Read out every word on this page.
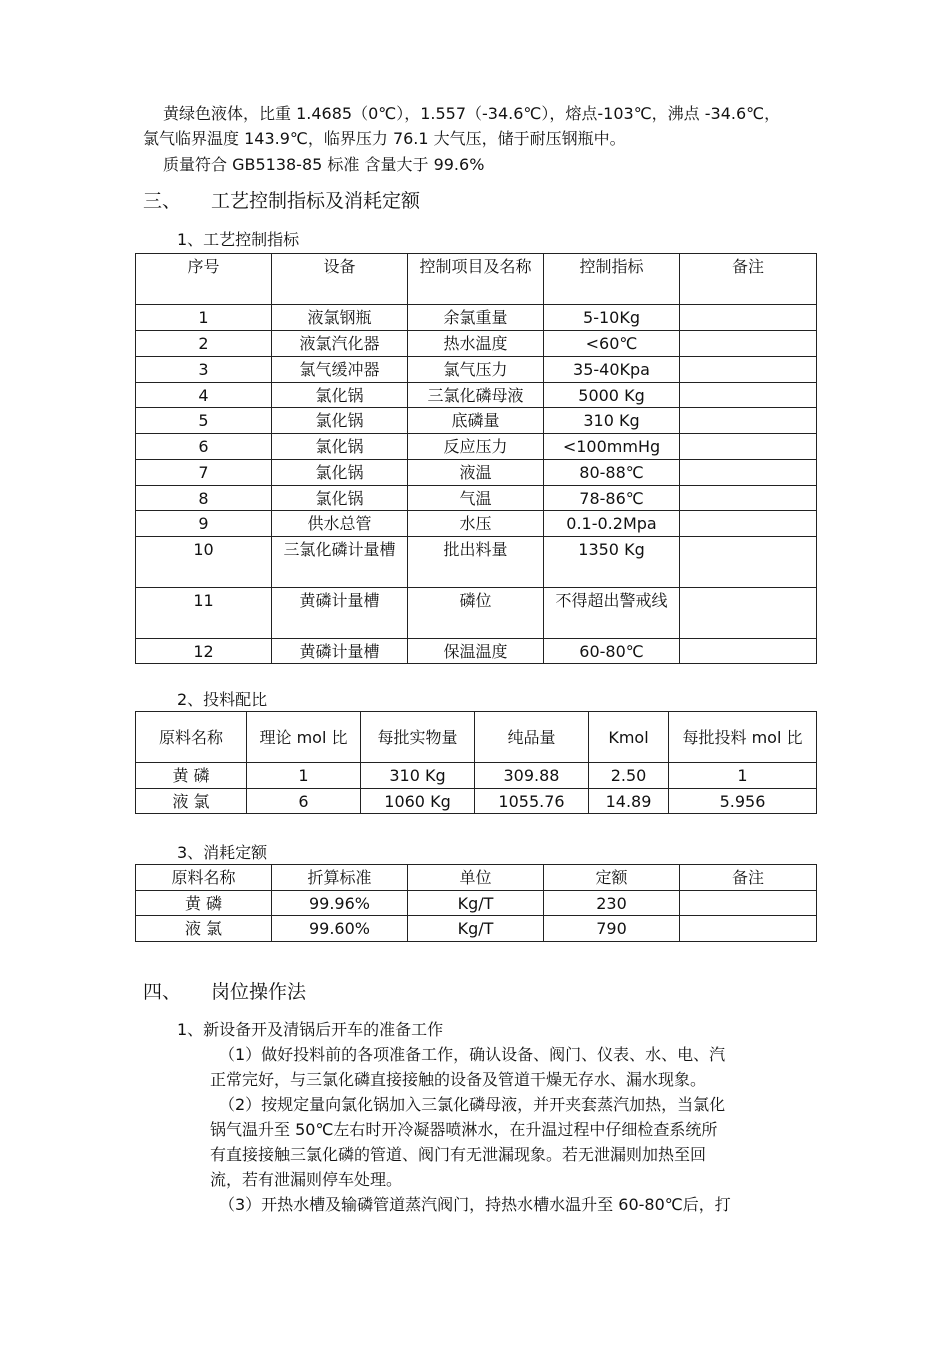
黄绿色液体，比重 1.4685（0℃），1.557（-34.6℃），熔点-103℃，沸点 -34.6℃，
氯气临界温度 143.9℃，临界压力 76.1 大气压，储于耐压钢瓶中。
质量符合 GB5138-85 标准 含量大于 99.6%
三、 工艺控制指标及消耗定额
1、工艺控制指标
序号	设备	控制项目及名称	控制指标	备注
1	液氯钢瓶	余氯重量	5-10Kg	
2	液氯汽化器	热水温度	<60℃	
3	氯气缓冲器	氯气压力	35-40Kpa	
4	氯化锅	三氯化磷母液	5000 Kg	
5	氯化锅	底磷量	310 Kg	
6	氯化锅	反应压力	<100mmHg	
7	氯化锅	液温	80-88℃	
8	氯化锅	气温	78-86℃	
9	供水总管	水压	0.1-0.2Mpa	
10	三氯化磷计量槽	批出料量	1350 Kg	
11	黄磷计量槽	磷位	不得超出警戒线	
12	黄磷计量槽	保温温度	60-80℃	
2、投料配比
原料名称	理论 mol 比	每批实物量	纯品量	Kmol	每批投料 mol 比
黄 磷	1	310 Kg	309.88	2.50	1
液 氯	6	1060 Kg	1055.76	14.89	5.956
3、消耗定额
原料名称	折算标准	单位	定额	备注
黄 磷	99.96%	Kg/T	230	
液 氯	99.60%	Kg/T	790	
四、 岗位操作法
1、新设备开及清锅后开车的准备工作
（1）做好投料前的各项准备工作，确认设备、阀门、仪表、水、电、汽
正常完好，与三氯化磷直接接触的设备及管道干燥无存水、漏水现象。
（2）按规定量向氯化锅加入三氯化磷母液，并开夹套蒸汽加热，当氯化
锅气温升至 50℃左右时开冷凝器喷淋水，在升温过程中仔细检查系统所
有直接接触三氯化磷的管道、阀门有无泄漏现象。若无泄漏则加热至回
流，若有泄漏则停车处理。
（3）开热水槽及输磷管道蒸汽阀门，持热水槽水温升至 60-80℃后，打
